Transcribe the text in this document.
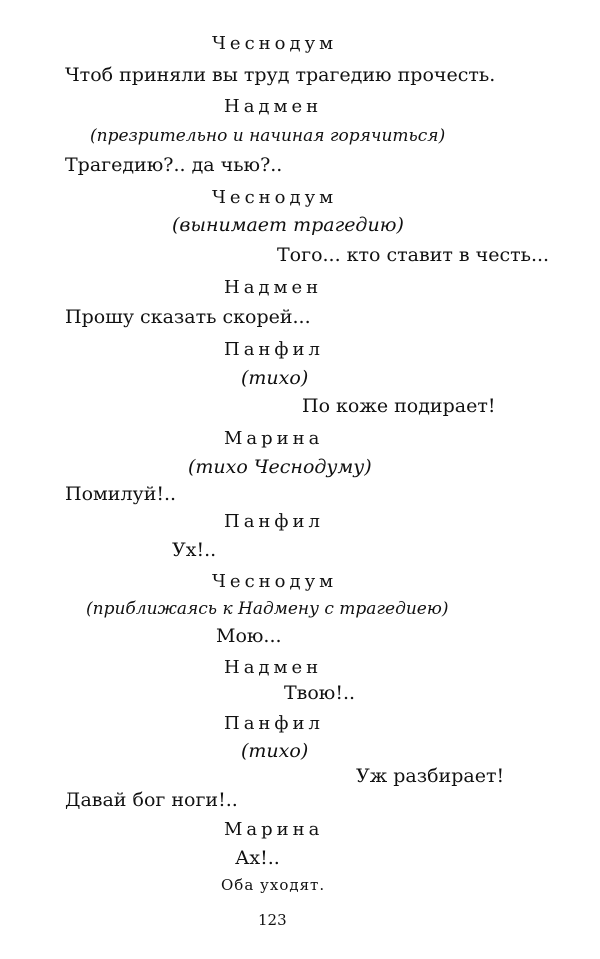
Чеснодум

Чтоб приняли вы труд трагедию прочесть.

Надмен

(презрительно и начиная горячиться)

Трагедию?.. да чью?..

Чеснодум

(вынимает трагедию)

Того... кто ставит в честь...

Надмен

Прошу сказать скорей...

Панфил

(тихо)

По коже подирает!

Марина

(тихо Чеснодуму)

Помилуй!..

Панфил

Ух!..

Чеснодум

(приближаясь к Надмену с трагедиею)

Мою...

Надмен

Твою!..

Панфил

(тихо)

Уж разбирает!

Давай бог ноги!..

Марина

Ах!..

Оба уходят.

123
